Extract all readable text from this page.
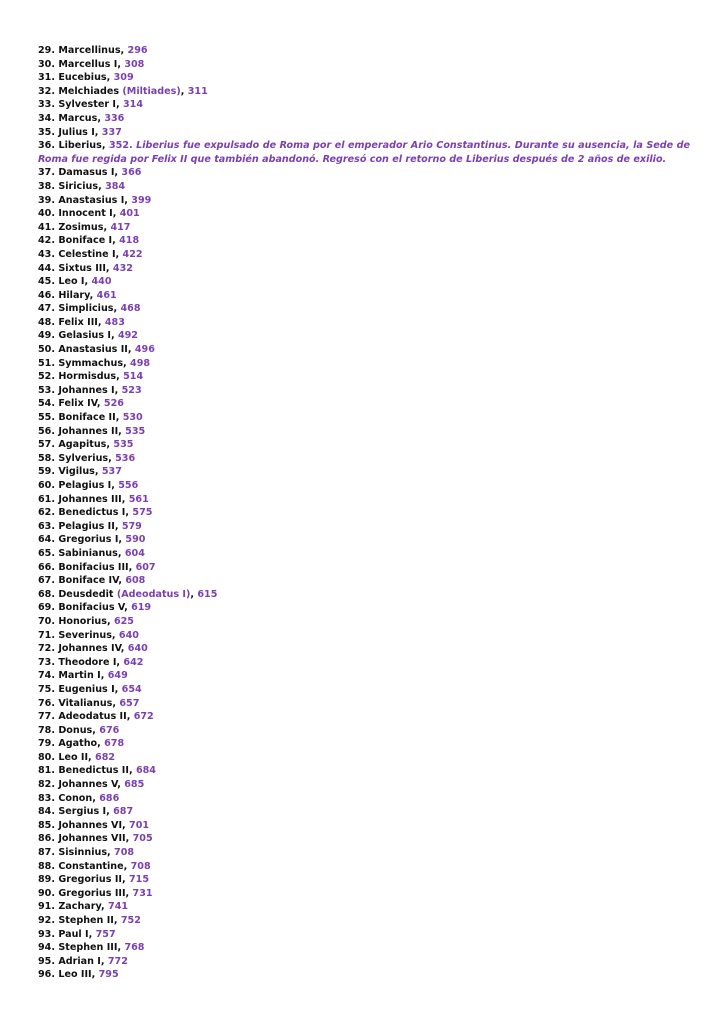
29. Marcellinus, 296

30. Marcellus I, 308

31. Eucebius, 309

32. Melchiades (Miltiades), 311

33. Sylvester I, 314

34. Marcus, 336

35. Julius I, 337

36. Liberius, 352. Liberius fue expulsado de Roma por el emperador Ario Constantinus. Durante su ausencia, la Sede de Roma fue regida por Felix II que también abandonó. Regresó con el retorno de Liberius después de 2 años de exilio.

37. Damasus I, 366

38. Siricius, 384

39. Anastasius I, 399

40. Innocent I, 401

41. Zosimus, 417

42. Boniface I, 418

43. Celestine I, 422

44. Sixtus III, 432

45. Leo I, 440

46. Hilary, 461

47. Simplicius, 468

48. Felix III, 483

49. Gelasius I, 492

50. Anastasius II, 496

51. Symmachus, 498

52. Hormisdus, 514

53. Johannes I, 523

54. Felix IV, 526

55. Boniface II, 530

56. Johannes II, 535

57. Agapitus, 535

58. Sylverius, 536

59. Vigilus, 537

60. Pelagius I, 556

61. Johannes III, 561

62. Benedictus I, 575

63. Pelagius II, 579

64. Gregorius I, 590

65. Sabinianus, 604

66. Bonifacius III, 607

67. Boniface IV, 608

68. Deusdedit (Adeodatus I), 615

69. Bonifacius V, 619

70. Honorius, 625

71. Severinus, 640

72. Johannes IV, 640

73. Theodore I, 642

74. Martin I, 649

75. Eugenius I, 654

76. Vitalianus, 657

77. Adeodatus II, 672

78. Donus, 676

79. Agatho, 678

80. Leo II, 682

81. Benedictus II, 684

82. Johannes V, 685

83. Conon, 686

84. Sergius I, 687

85. Johannes VI, 701

86. Johannes VII, 705

87. Sisinnius, 708

88. Constantine, 708

89. Gregorius II, 715

90. Gregorius III, 731

91. Zachary, 741

92. Stephen II, 752

93. Paul I, 757

94. Stephen III, 768

95. Adrian I, 772

96. Leo III, 795
